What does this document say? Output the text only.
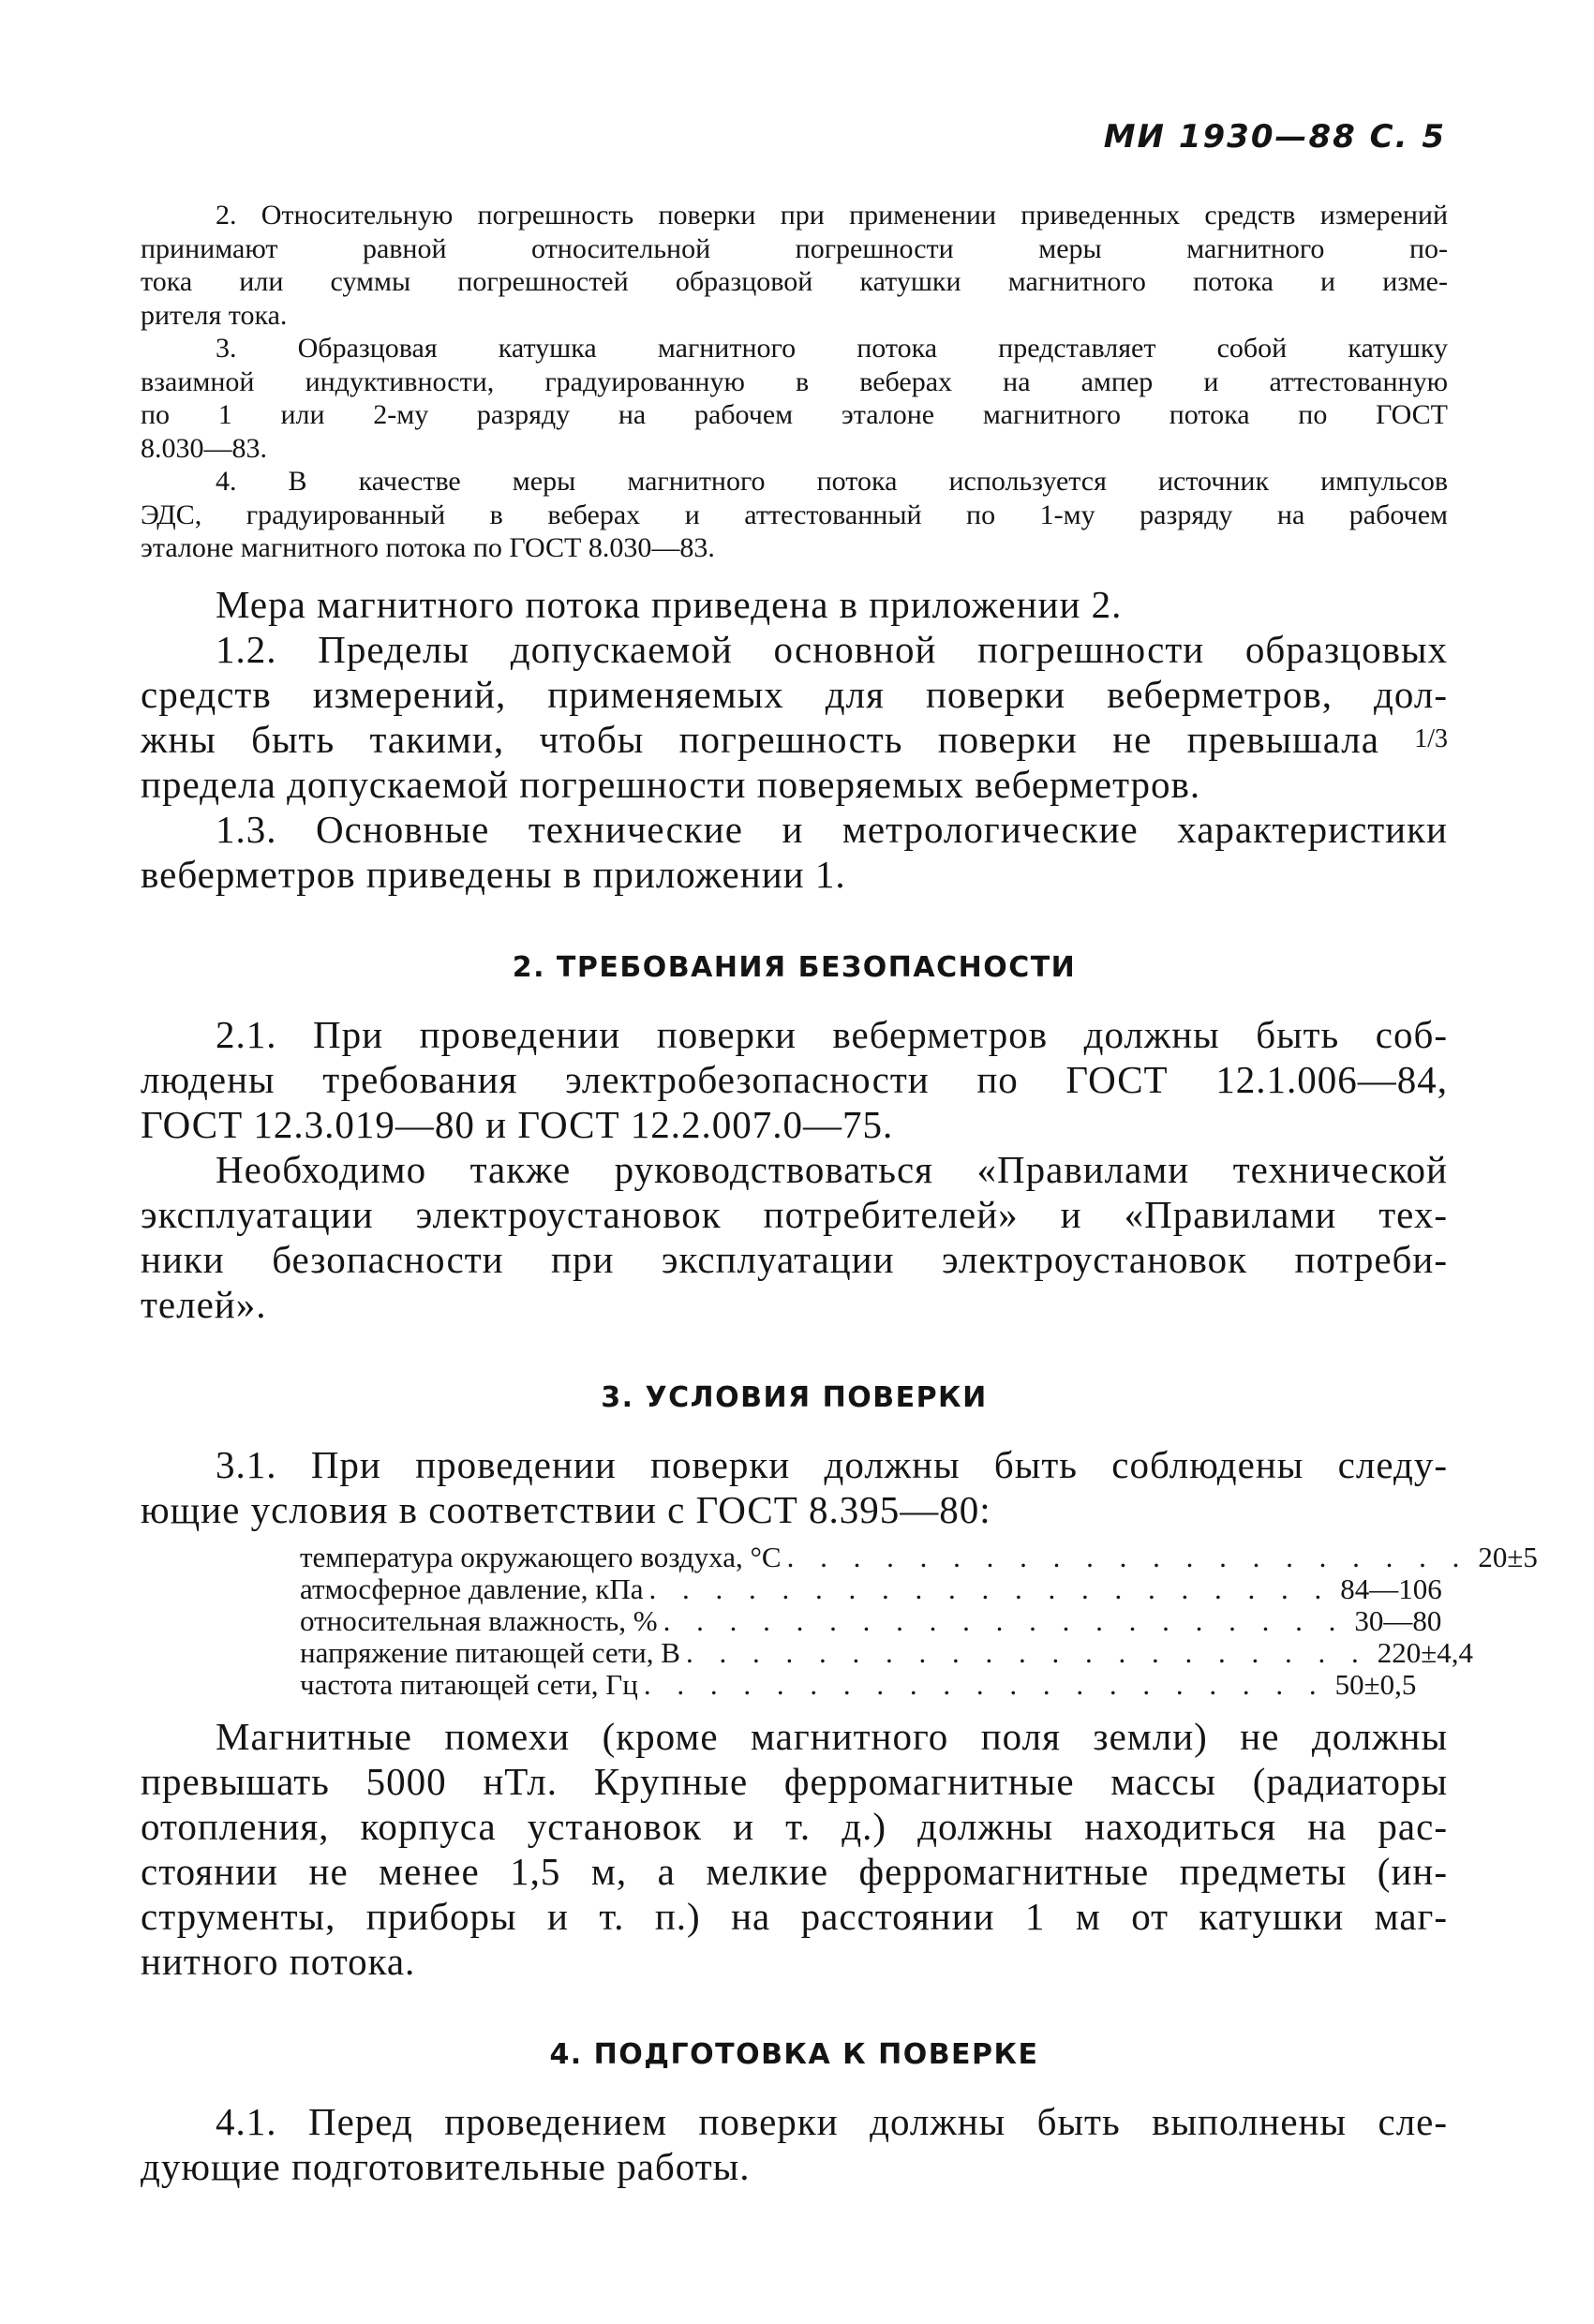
МИ 1930—88 С. 5

2. Относительную погрешность поверки при применении приведенных средств измерений принимают равной относительной погрешности меры магнитного по-

тока или суммы погрешностей образцовой катушки магнитного потока и изме-

рителя тока.

3. Образцовая катушка магнитного потока представляет собой катушку

взаимной индуктивности, градуированную в веберах на ампер и аттестованную

по 1 или 2-му разряду на рабочем эталоне магнитного потока по ГОСТ

8.030—83.

4. В качестве меры магнитного потока используется источник импульсов

ЭДС, градуированный в веберах и аттестованный по 1-му разряду на рабочем

эталоне магнитного потока по ГОСТ 8.030—83.

Мера магнитного потока приведена в приложении 2.

1.2. Пределы допускаемой основной погрешности образцовых

средств измерений, применяемых для поверки веберметров, дол-

жны быть такими, чтобы погрешность поверки не превышала 1/3

предела допускаемой погрешности поверяемых веберметров.

1.3. Основные технические и метрологические характеристики

веберметров приведены в приложении 1.

2. ТРЕБОВАНИЯ БЕЗОПАСНОСТИ

2.1. При проведении поверки веберметров должны быть соб-

людены требования электробезопасности по ГОСТ 12.1.006—84,

ГОСТ 12.3.019—80 и ГОСТ 12.2.007.0—75.

Необходимо также руководствоваться «Правилами технической

эксплуатации электроустановок потребителей» и «Правилами тех-

ники безопасности при эксплуатации электроустановок потреби-

телей».

3. УСЛОВИЯ ПОВЕРКИ

3.1. При проведении поверки должны быть соблюдены следу-

ющие условия в соответствии с ГОСТ 8.395—80:

температура окружающего воздуха, °С . . . . . . . . . . . . . . . . . . . . . 20±5
атмосферное давление, кПа . . . . . . . . . . . . . . . . . . . . . 84—106
относительная влажность, % . . . . . . . . . . . . . . . . . . . . . 30—80
напряжение питающей сети, В . . . . . . . . . . . . . . . . . . . . . 220±4,4
частота питающей сети, Гц . . . . . . . . . . . . . . . . . . . . . 50±0,5

Магнитные помехи (кроме магнитного поля земли) не должны

превышать 5000 нТл. Крупные ферромагнитные массы (радиаторы

отопления, корпуса установок и т. д.) должны находиться на рас-

стоянии не менее 1,5 м, а мелкие ферромагнитные предметы (ин-

струменты, приборы и т. п.) на расстоянии 1 м от катушки маг-

нитного потока.

4. ПОДГОТОВКА К ПОВЕРКЕ

4.1. Перед проведением поверки должны быть выполнены сле-

дующие подготовительные работы.
